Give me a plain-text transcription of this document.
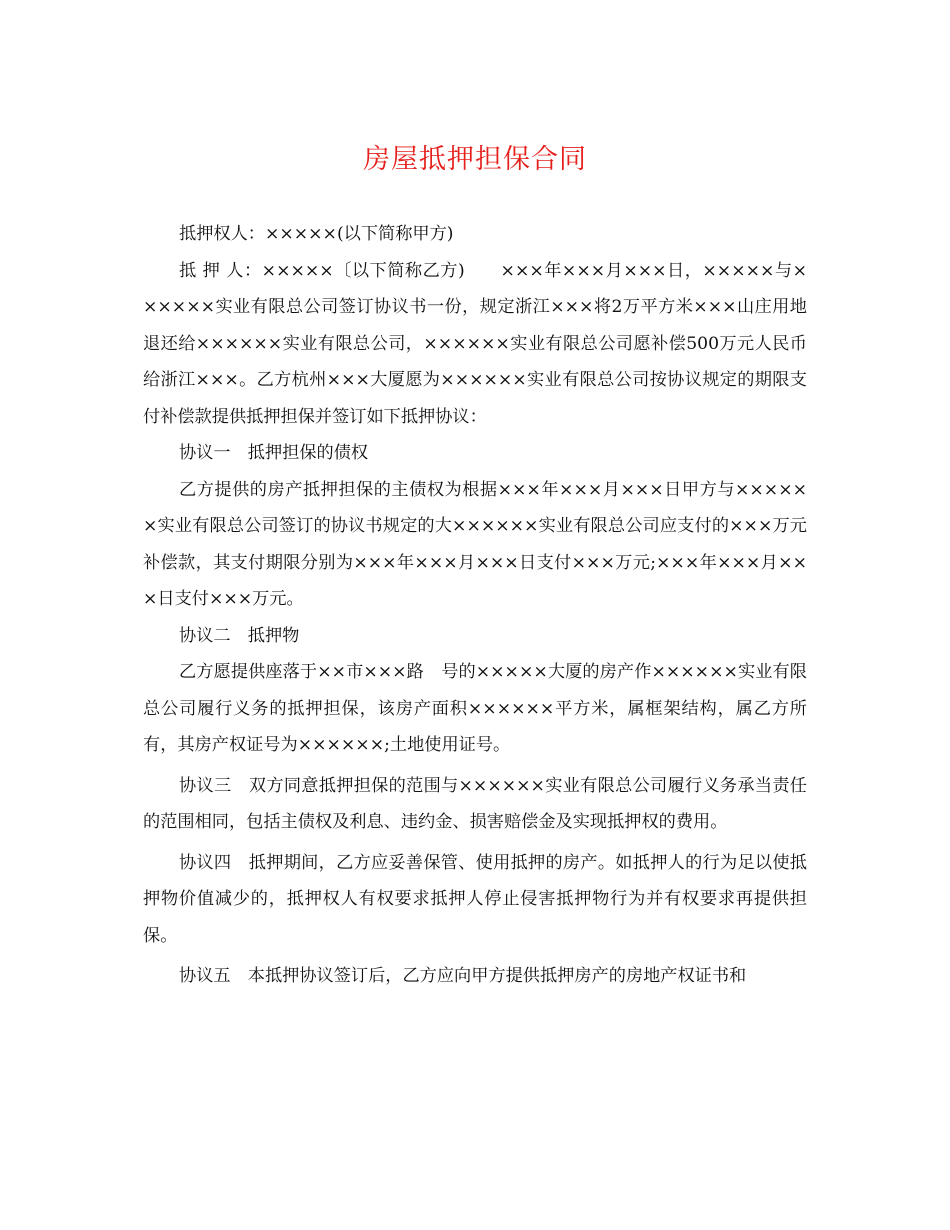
房屋抵押担保合同

抵押权人：×××××(以下简称甲方)

抵 押 人：×××××〔以下简称乙方)　　×××年×××月×××日，×××××与××××××实业有限总公司签订协议书一份，规定浙江×××将2万平方米×××山庄用地退还给××××××实业有限总公司，××××××实业有限总公司愿补偿500万元人民币给浙江×××。乙方杭州×××大厦愿为××××××实业有限总公司按协议规定的期限支付补偿款提供抵押担保并签订如下抵押协议：

协议一　抵押担保的债权

乙方提供的房产抵押担保的主债权为根据×××年×××月×××日甲方与××××××实业有限总公司签订的协议书规定的大××××××实业有限总公司应支付的×××万元补偿款，其支付期限分别为×××年×××月×××日支付×××万元;×××年×××月×××日支付×××万元。

协议二　抵押物

乙方愿提供座落于××市×××路　号的×××××大厦的房产作××××××实业有限总公司履行义务的抵押担保，该房产面积××××××平方米，属框架结构，属乙方所有，其房产权证号为××××××;土地使用证号。

协议三　双方同意抵押担保的范围与××××××实业有限总公司履行义务承当责任的范围相同，包括主债权及利息、违约金、损害赔偿金及实现抵押权的费用。

协议四　抵押期间，乙方应妥善保管、使用抵押的房产。如抵押人的行为足以使抵押物价值减少的，抵押权人有权要求抵押人停止侵害抵押物行为并有权要求再提供担保。

协议五　本抵押协议签订后，乙方应向甲方提供抵押房产的房地产权证书和
